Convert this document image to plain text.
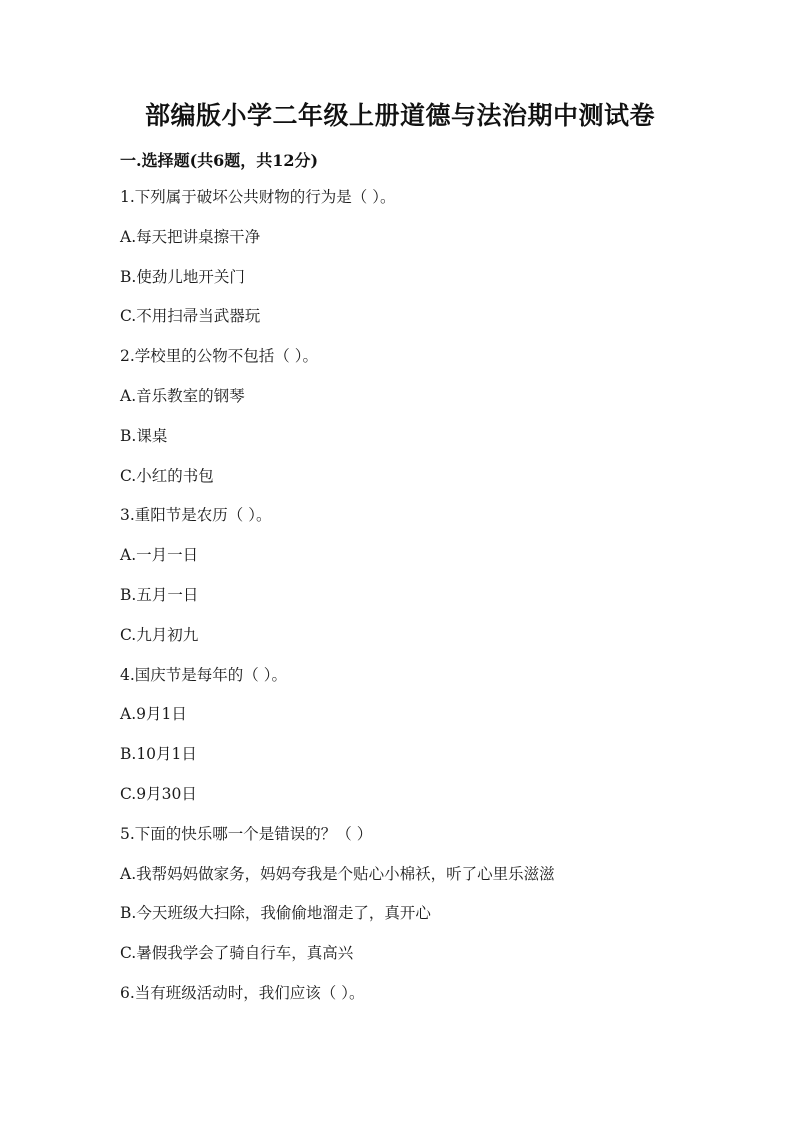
部编版小学二年级上册道德与法治期中测试卷
一.选择题(共6题，共12分)
1.下列属于破坏公共财物的行为是（ ）。
A.每天把讲桌擦干净
B.使劲儿地开关门
C.不用扫帚当武器玩
2.学校里的公物不包括（ ）。
A.音乐教室的钢琴
B.课桌
C.小红的书包
3.重阳节是农历（ ）。
A.一月一日
B.五月一日
C.九月初九
4.国庆节是每年的（ ）。
A.9月1日
B.10月1日
C.9月30日
5.下面的快乐哪一个是错误的？（ ）
A.我帮妈妈做家务，妈妈夸我是个贴心小棉袄，听了心里乐滋滋
B.今天班级大扫除，我偷偷地溜走了，真开心
C.暑假我学会了骑自行车，真高兴
6.当有班级活动时，我们应该（ ）。
